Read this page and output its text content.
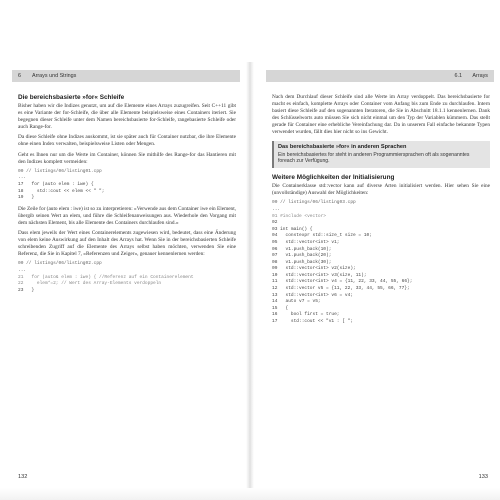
6 Arrays und Strings
Die bereichsbasierte »for« Schleife

Bisher haben wir die Indizes genutzt, um auf die Elemente eines Arrays zuzugreifen. Seit C++11 gibt es eine Variante der for-Schleife, die über alle Elemente beispielsweise eines Containers iteriert. Sie begegnen dieser Schleife unter dem Namen bereichsbasierte for-Schleife, rangebasierte Schleife oder auch Range-for.

Da diese Schleife ohne Indizes auskommt, ist sie später auch für Container nutzbar, die ihre Elemente ohne einen Index verwalten, beispielsweise Listen oder Mengen.

Geht es Ihnen nur um die Werte im Container, können Sie mithilfe des Range-for das Hantieren mit den Indizes komplett vermeiden:

00 // listings/06/listing01.cpp
...
17   for (auto elem : iwe) {
18     std::cout << elem << " ";
19   }

Die Zeile for (auto elem : iwe) ist so zu interpretieren: »Verwende aus dem Container iwe ein Element, übergib seinen Wert an elem, und führe die Schleifenanweisungen aus. Wiederhole den Vorgang mit dem nächsten Element, bis alle Elemente des Containers durchlaufen sind.«

Dass elem jeweils der Wert eines Containerelements zugewiesen wird, bedeutet, dass eine Änderung von elem keine Auswirkung auf den Inhalt des Arrays hat. Wenn Sie in der bereichsbasierten Schleife schreibenden Zugriff auf die Elemente des Arrays selbst haben möchten, verwenden Sie eine Referenz, die Sie in Kapitel 7, »Referenzen und Zeiger«, genauer kennenlernen werden:

00 // listings/06/listing02.cpp
...
21   for (auto& elem : iwe) { //Referenz auf ein Containerelement
22     elem*=2; // Wert des Array-Elements verdoppeln
23   }
132
6.1 Arrays

Nach dem Durchlauf dieser Schleife sind alle Werte im Array verdoppelt. Das bereichsbasierte for macht es einfach, komplette Arrays oder Container vom Anfang bis zum Ende zu durchlaufen. Intern basiert diese Schleife auf den sogenannten Iteratoren, die Sie in Abschnitt 18.1.1 kennenlernen. Dank des Schlüsselworts auto müssen Sie sich nicht einmal um den Typ der Variablen kümmern. Das stellt gerade für Container eine erhebliche Vereinfachung dar. Da in unserem Fall einfache bekannte Typen verwendet wurden, fällt dies hier nicht so ins Gewicht.

Das bereichsbasierte »for« in anderen Sprachen
Ein bereichsbasiertes for steht in anderen Programmiersprachen oft als sogenanntes foreach zur Verfügung.
Weitere Möglichkeiten der Initialisierung

Die Containerklasse std::vector kann auf diverse Arten initialisiert werden. Hier sehen Sie eine (unvollständige) Auswahl der Möglichkeiten:

00 // listings/06/listing03.cpp
...
01 #include <vector>
02
03 int main() {
04   constexpr std::size_t size = 10;
05   std::vector<int> v1;
06   v1.push_back(10);
07   v1.push_back(20);
08   v1.push_back(30);
09   std::vector<int> v2(size);
10   std::vector<int> v3(size, 11);
11   std::vector<int> v4 = {11, 22, 33, 44, 55, 66};
12   std::vector v5 = {11, 22, 33, 44, 55, 66, 77};
13   std::vector<int> v6 = v4;
14   auto v7 = v5;
15   {
16     bool first = true;
17     std::cout << "v1 : [ ";
133
